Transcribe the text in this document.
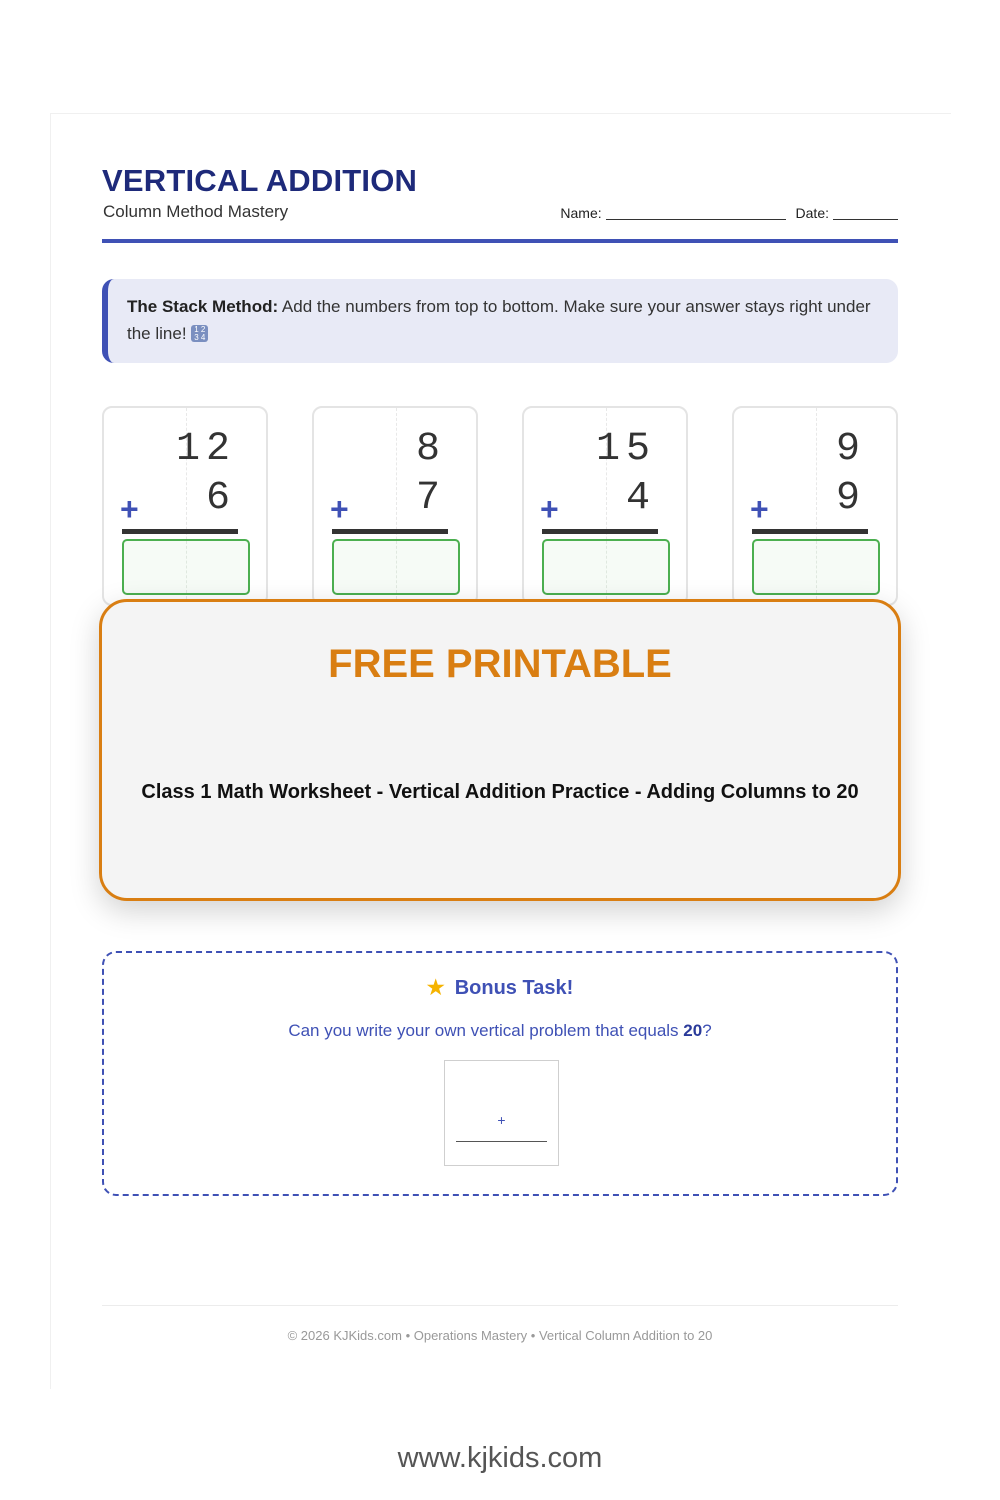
VERTICAL ADDITION
Column Method Mastery	Name:	Date:
The Stack Method: Add the numbers from top to bottom. Make sure your answer stays right under the line! 1 2 3 4
12
+ 6
8
+ 7
15
+ 4
9
+ 9
FREE PRINTABLE
Class 1 Math Worksheet - Vertical Addition Practice - Adding Columns to 20
★ Bonus Task!
Can you write your own vertical problem that equals 20?
+
© 2026 KJKids.com • Operations Mastery • Vertical Column Addition to 20
www.kjkids.com
